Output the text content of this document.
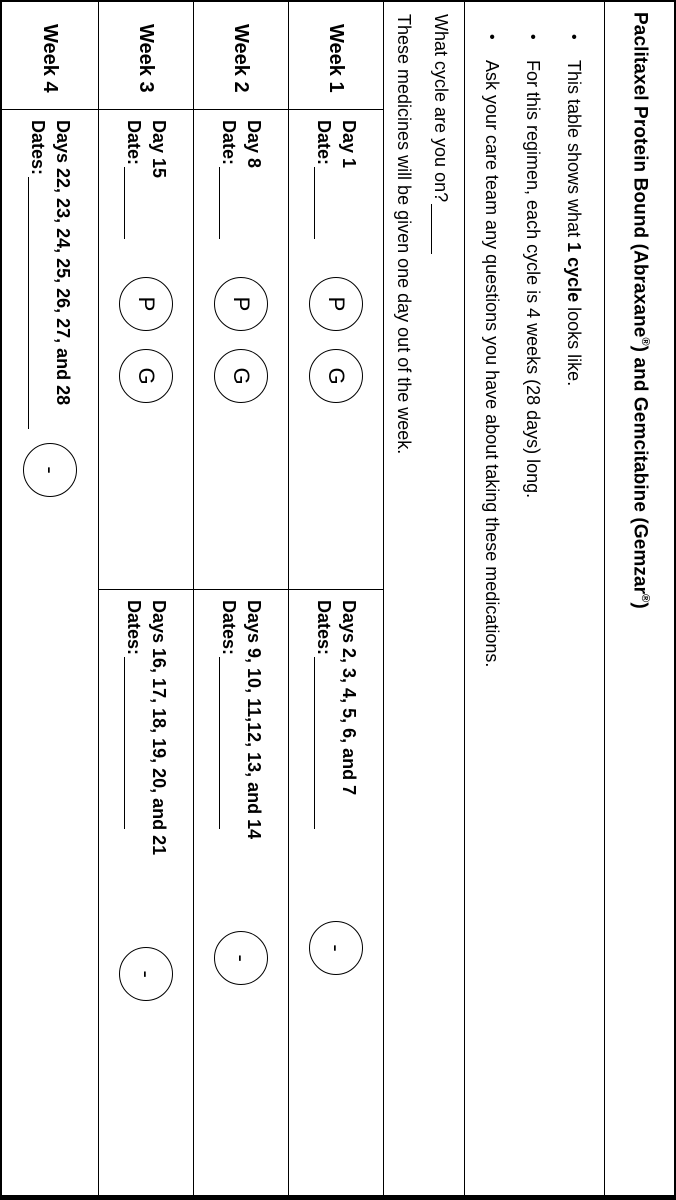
Paclitaxel Protein Bound (Abraxane®) and Gemcitabine (Gemzar®)
•
This table shows what 1 cycle looks like.
•
For this regimen, each cycle is 4 weeks (28 days) long.
•
Ask your care team any questions you have about taking these medications.
What cycle are you on?
These medicines will be given one day out of the week.
Week 1
Day 1
Date:
P
G
Days 2, 3, 4, 5, 6, and 7
Dates:
-
Week 2
Day 8
Date:
P
G
Days 9, 10, 11,12, 13, and 14
Dates:
-
Week 3
Day 15
Date:
P
G
Days 16, 17, 18, 19, 20, and 21
Dates:
-
Week 4
Days 22, 23, 24, 25, 26, 27, and 28
Dates:
-
